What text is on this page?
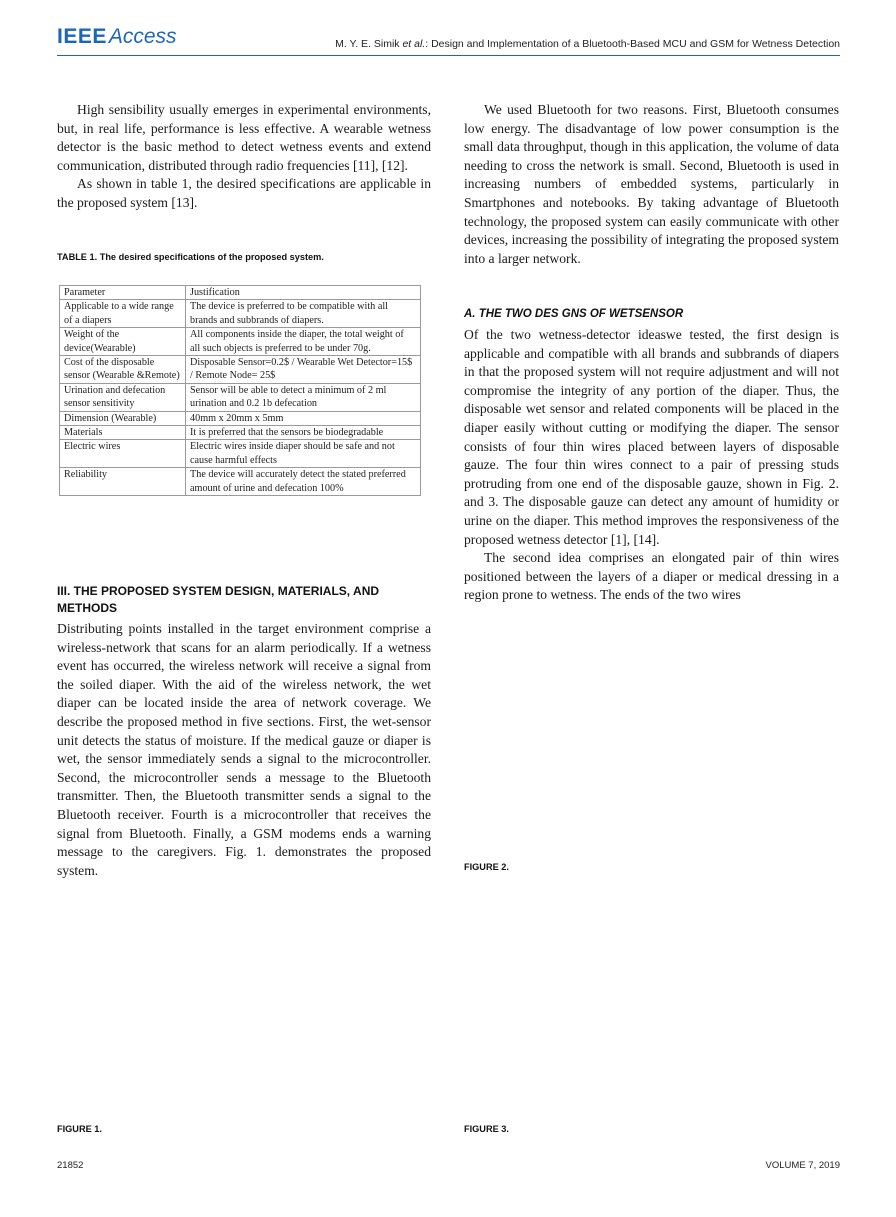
IEEEAccess	M. Y. E. Simik et al.: Design and Implementation of a Bluetooth-Based MCU and GSM for Wetness Detection

High sensibility usually emerges in experimental environments, but, in real life, performance is less effective. A wearable wetness detector is the basic method to detect wetness events and extend communication, distributed through radio frequencies [11], [12].

As shown in table 1, the desired specifications are applicable in the proposed system [13].

TABLE 1. The desired specifications of the proposed system.
Parameter	Justification
Applicable to a wide range of a diapers	The device is preferred to be compatible with all brands and subbrands of diapers.
Weight of the device(Wearable)	All components inside the diaper, the total weight of all such objects is preferred to be under 70g.
Cost of the disposable sensor (Wearable &Remote)	Disposable Sensor=0.2$ / Wearable Wet Detector=15$ / Remote Node= 25$
Urination and defecation sensor sensitivity	Sensor will be able to detect a minimum of 2 ml urination and 0.2 1b defecation
Dimension (Wearable)	40mm x 20mm x 5mm
Materials	It is preferred that the sensors be biodegradable
Electric wires	Electric wires inside diaper should be safe and not cause harmful effects
Reliability	The device will accurately detect the stated preferred amount of urine and defecation 100%
III. THE PROPOSED SYSTEM DESIGN, MATERIALS, AND METHODS

Distributing points installed in the target environment comprise a wireless-network that scans for an alarm periodically. If a wetness event has occurred, the wireless network will receive a signal from the soiled diaper. With the aid of the wireless network, the wet diaper can be located inside the area of network coverage. We describe the proposed method in five sections. First, the wet-sensor unit detects the status of moisture. If the medical gauze or diaper is wet, the sensor immediately sends a signal to the microcontroller. Second, the microcontroller sends a message to the Bluetooth transmitter. Then, the Bluetooth transmitter sends a signal to the Bluetooth receiver. Fourth is a microcontroller that receives the signal from Bluetooth. Finally, a GSM modems ends a warning message to the caregivers. Fig. 1. demonstrates the proposed system.

FIGURE 1.

We used Bluetooth for two reasons. First, Bluetooth consumes low energy. The disadvantage of low power consumption is the small data throughput, though in this application, the volume of data needing to cross the network is small. Second, Bluetooth is used in increasing numbers of embedded systems, particularly in Smartphones and notebooks. By taking advantage of Bluetooth technology, the proposed system can easily communicate with other devices, increasing the possibility of integrating the proposed system into a larger network.

A. THE TWO DES GNS OF WETSENSOR

Of the two wetness-detector ideaswe tested, the first design is applicable and compatible with all brands and subbrands of diapers in that the proposed system will not require adjustment and will not compromise the integrity of any portion of the diaper. Thus, the disposable wet sensor and related components will be placed in the diaper easily without cutting or modifying the diaper. The sensor consists of four thin wires placed between layers of disposable gauze. The four thin wires connect to a pair of pressing studs protruding from one end of the disposable gauze, shown in Fig. 2. and 3. The disposable gauze can detect any amount of humidity or urine on the diaper. This method improves the responsiveness of the proposed wetness detector [1], [14].

The second idea comprises an elongated pair of thin wires positioned between the layers of a diaper or medical dressing in a region prone to wetness. The ends of the two wires

FIGURE 2.
FIGURE 3.
21852	VOLUME 7, 2019
